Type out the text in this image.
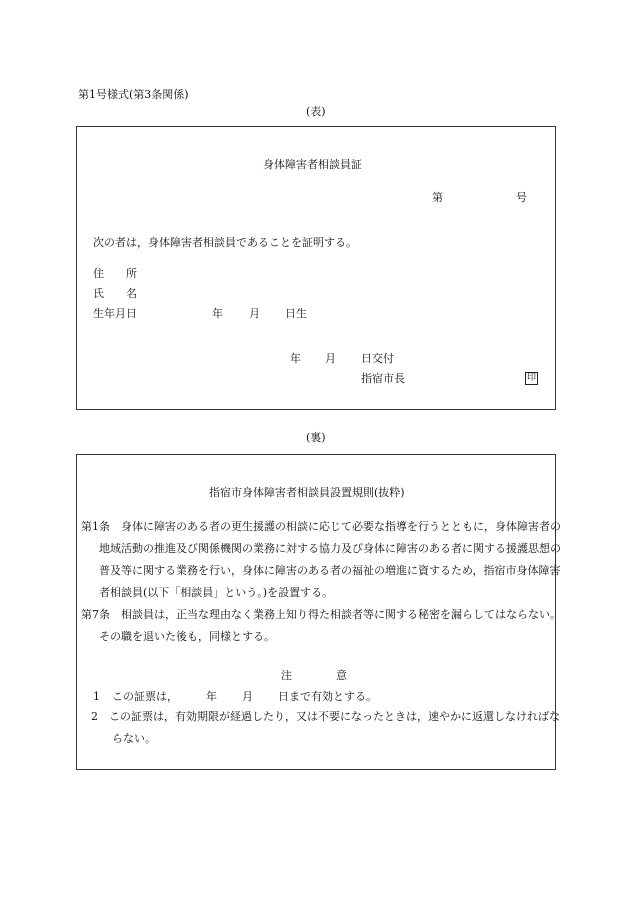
第1号様式(第3条関係)
(表)
身体障害者相談員証
第	号
次の者は，身体障害者相談員であることを証明する。
住　　所
氏　　名
生年月日	年 月 日生
年 月 日交付
指宿市長	印
(裏)
指宿市身体障害者相談員設置規則(抜粋)
第1条　身体に障害のある者の更生援護の相談に応じて必要な指導を行うとともに，身体障害者の地域活動の推進及び関係機関の業務に対する協力及び身体に障害のある者に関する援護思想の普及等に関する業務を行い，身体に障害のある者の福祉の増進に資するため，指宿市身体障害者相談員(以下「相談員」という。)を設置する。
第7条　相談員は，正当な理由なく業務上知り得た相談者等に関する秘密を漏らしてはならない。その職を退いた後も，同様とする。
注　　　　意
1 この証票は，	年 月 日まで有効とする。
2　この証票は，有効期限が経過したり，又は不要になったときは，速やかに返還しなければならない。
